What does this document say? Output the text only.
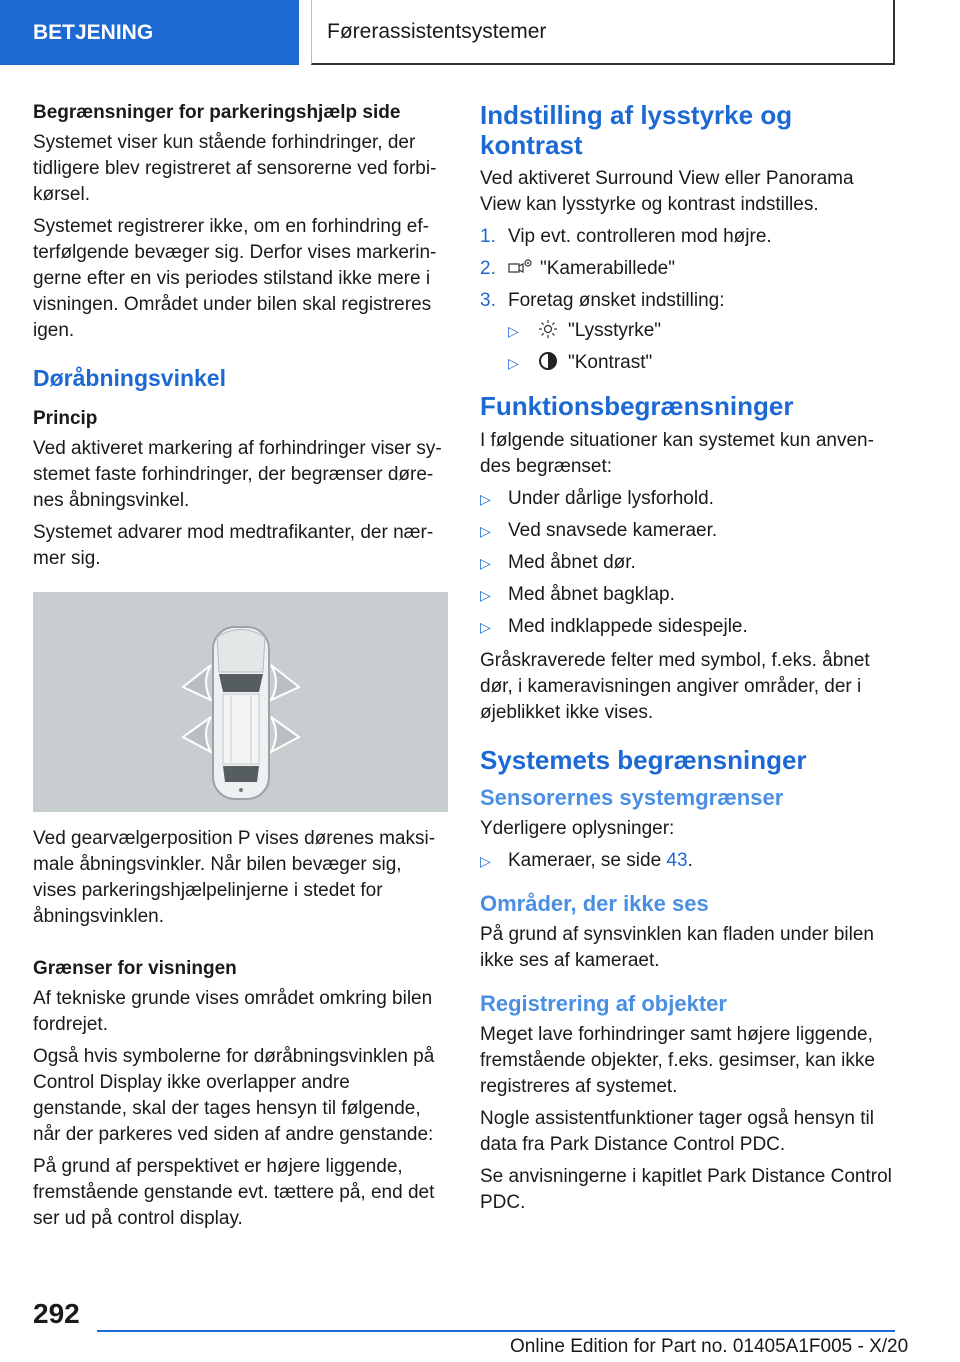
BETJENING	Førerassistentsystemer
Begrænsninger for parkeringshjælp side

Systemet viser kun stående forhindringer, der tidligere blev registreret af sensorerne ved forbikørsel.

Systemet registrerer ikke, om en forhindring efterfølgende bevæger sig. Derfor vises markeringerne efter en vis periodes stilstand ikke mere i visningen. Området under bilen skal registreres igen.

Døråbningsvinkel
Princip

Ved aktiveret markering af forhindringer viser systemet faste forhindringer, der begrænser dørenes åbningsvinkel.

Systemet advarer mod medtrafikanter, der nærmer sig.

Ved gearvælgerposition P vises dørenes maksimale åbningsvinkler. Når bilen bevæger sig, vises parkeringshjælpelinjerne i stedet for åbningsvinklen.

Grænser for visningen

Af tekniske grunde vises området omkring bilen fordrejet.

Også hvis symbolerne for døråbningsvinklen på Control Display ikke overlapper andre genstande, skal der tages hensyn til følgende, når der parkeres ved siden af andre genstande:

På grund af perspektivet er højere liggende, fremstående genstande evt. tættere på, end det ser ud på control display.

Indstilling af lysstyrke og kontrast

Ved aktiveret Surround View eller Panorama View kan lysstyrke og kontrast indstilles.

1. Vip evt. controlleren mod højre.
2.	"Kamerabillede"
3. Foretag ønsket indstilling:
▷	"Lysstyrke"
▷	"Kontrast"
Funktionsbegrænsninger

I følgende situationer kan systemet kun anvendes begrænset:

▷ Under dårlige lysforhold.
▷ Ved snavsede kameraer.
▷ Med åbnet dør.
▷ Med åbnet bagklap.
▷ Med indklappede sidespejle.

Gråskraverede felter med symbol, f.eks. åbnet dør, i kameravisningen angiver områder, der i øjeblikket ikke vises.

Systemets begrænsninger
Sensorernes systemgrænser

Yderligere oplysninger:

▷ Kameraer, se side 43.
Områder, der ikke ses

På grund af synsvinklen kan fladen under bilen ikke ses af kameraet.

Registrering af objekter

Meget lave forhindringer samt højere liggende, fremstående objekter, f.eks. gesimser, kan ikke registreres af systemet.

Nogle assistentfunktioner tager også hensyn til data fra Park Distance Control PDC.

Se anvisningerne i kapitlet Park Distance Control PDC.

292
Online Edition for Part no. 01405A1F005 - X/20
